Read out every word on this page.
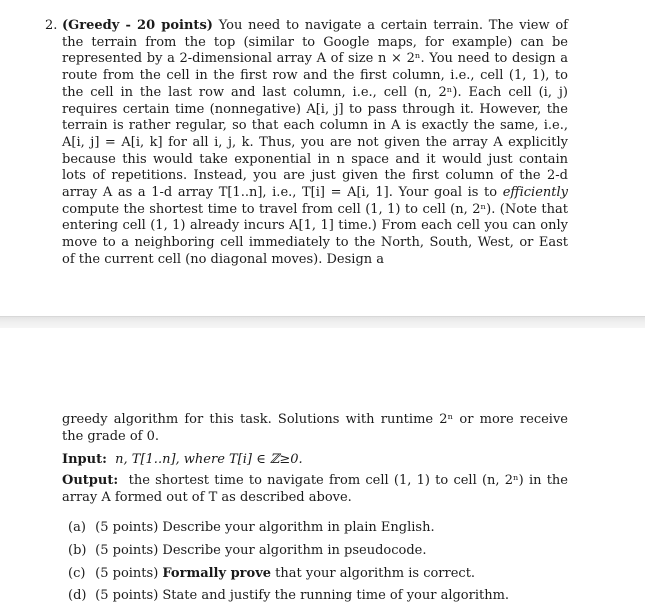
2. (Greedy - 20 points) You need to navigate a certain terrain. The view of the terrain from the top (similar to Google maps, for example) can be represented by a 2-dimensional array A of size n × 2ⁿ. You need to design a route from the cell in the first row and the first column, i.e., cell (1, 1), to the cell in the last row and last column, i.e., cell (n, 2ⁿ). Each cell (i, j) requires certain time (nonnegative) A[i, j] to pass through it. However, the terrain is rather regular, so that each column in A is exactly the same, i.e., A[i, j] = A[i, k] for all i, j, k. Thus, you are not given the array A explicitly because this would take exponential in n space and it would just contain lots of repetitions. Instead, you are just given the first column of the 2-d array A as a 1-d array T[1..n], i.e., T[i] = A[i, 1]. Your goal is to efficiently compute the shortest time to travel from cell (1, 1) to cell (n, 2ⁿ). (Note that entering cell (1, 1) already incurs A[1, 1] time.) From each cell you can only move to a neighboring cell immediately to the North, South, West, or East of the current cell (no diagonal moves). Design a

greedy algorithm for this task. Solutions with runtime 2ⁿ or more receive the grade of 0.

Input: n, T[1..n], where T[i] ∈ ℤ≥0.
Output: the shortest time to navigate from cell (1, 1) to cell (n, 2ⁿ) in the array A formed out of T as described above.
(a) (5 points) Describe your algorithm in plain English.
(b) (5 points) Describe your algorithm in pseudocode.
(c) (5 points) Formally prove that your algorithm is correct.
(d) (5 points) State and justify the running time of your algorithm.
